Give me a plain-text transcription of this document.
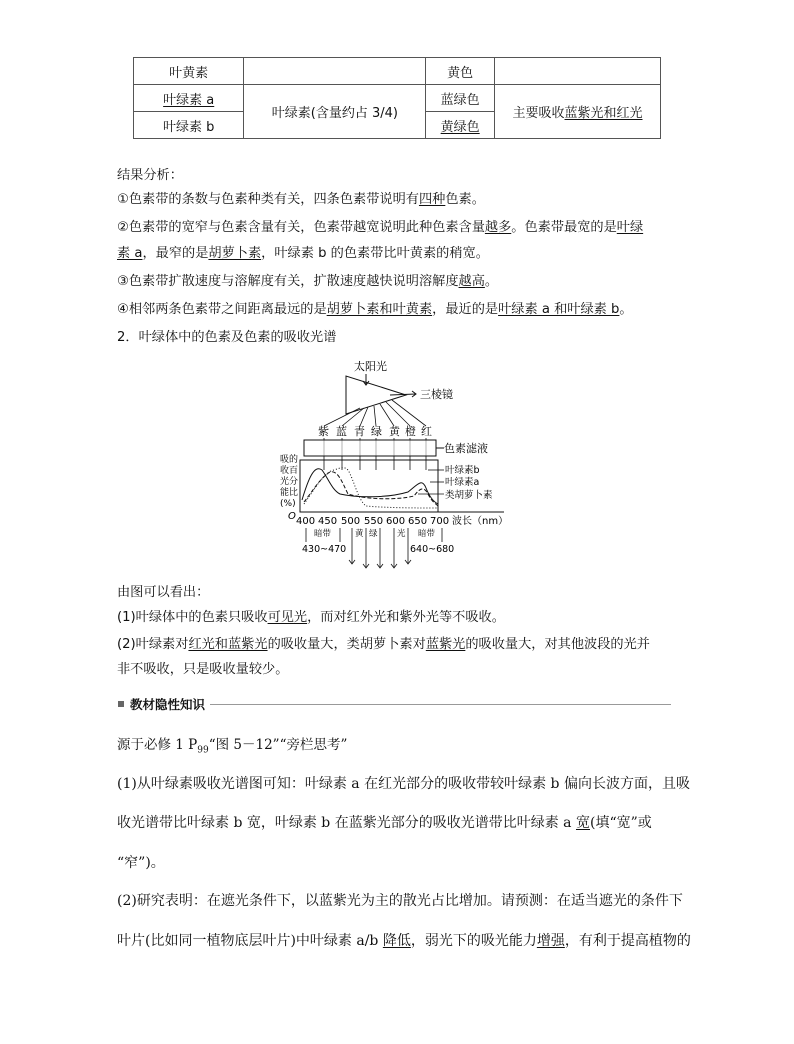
叶黄素		黄色	
叶绿素 a	叶绿素(含量约占 3/4)	蓝绿色	主要吸收蓝紫光和红光
叶绿素 b		黄绿色	
结果分析：
①色素带的条数与色素种类有关，四条色素带说明有四种色素。
②色素带的宽窄与色素含量有关，色素带越宽说明此种色素含量越多。色素带最宽的是叶绿
素 a，最窄的是胡萝卜素，叶绿素 b 的色素带比叶黄素的稍宽。
③色素带扩散速度与溶解度有关，扩散速度越快说明溶解度越高。
④相邻两条色素带之间距离最远的是胡萝卜素和叶黄素，最近的是叶绿素 a 和叶绿素 b。
2．叶绿体中的色素及色素的吸收光谱
太阳光
三棱镜
紫 蓝 青 绿 黄 橙 红
色素滤液
吸的
收百
光分
能比
(%)
O
叶绿素b
叶绿素a
类胡萝卜素
400 450 500 550 600 650 700 波长（nm）
暗带	暗带
黄 绿 光
430~470	640~680
由图可以看出：
(1)叶绿体中的色素只吸收可见光，而对红外光和紫外光等不吸收。
(2)叶绿素对红光和蓝紫光的吸收量大，类胡萝卜素对蓝紫光的吸收量大，对其他波段的光并
非不吸收，只是吸收量较少。
教材隐性知识
源于必修 1 $P_{99}“$图 5－12”“旁栏思考”
(1)从叶绿素吸收光谱图可知：叶绿素 a 在红光部分的吸收带较叶绿素 b 偏向长波方面，且吸
收光谱带比叶绿素 b 宽，叶绿素 b 在蓝紫光部分的吸收光谱带比叶绿素 a 宽(填“宽”或
“窄”)。
(2)研究表明：在遮光条件下，以蓝紫光为主的散光占比增加。请预测：在适当遮光的条件下
叶片(比如同一植物底层叶片)中叶绿素 a/b 降低，弱光下的吸光能力增强，有利于提高植物的
